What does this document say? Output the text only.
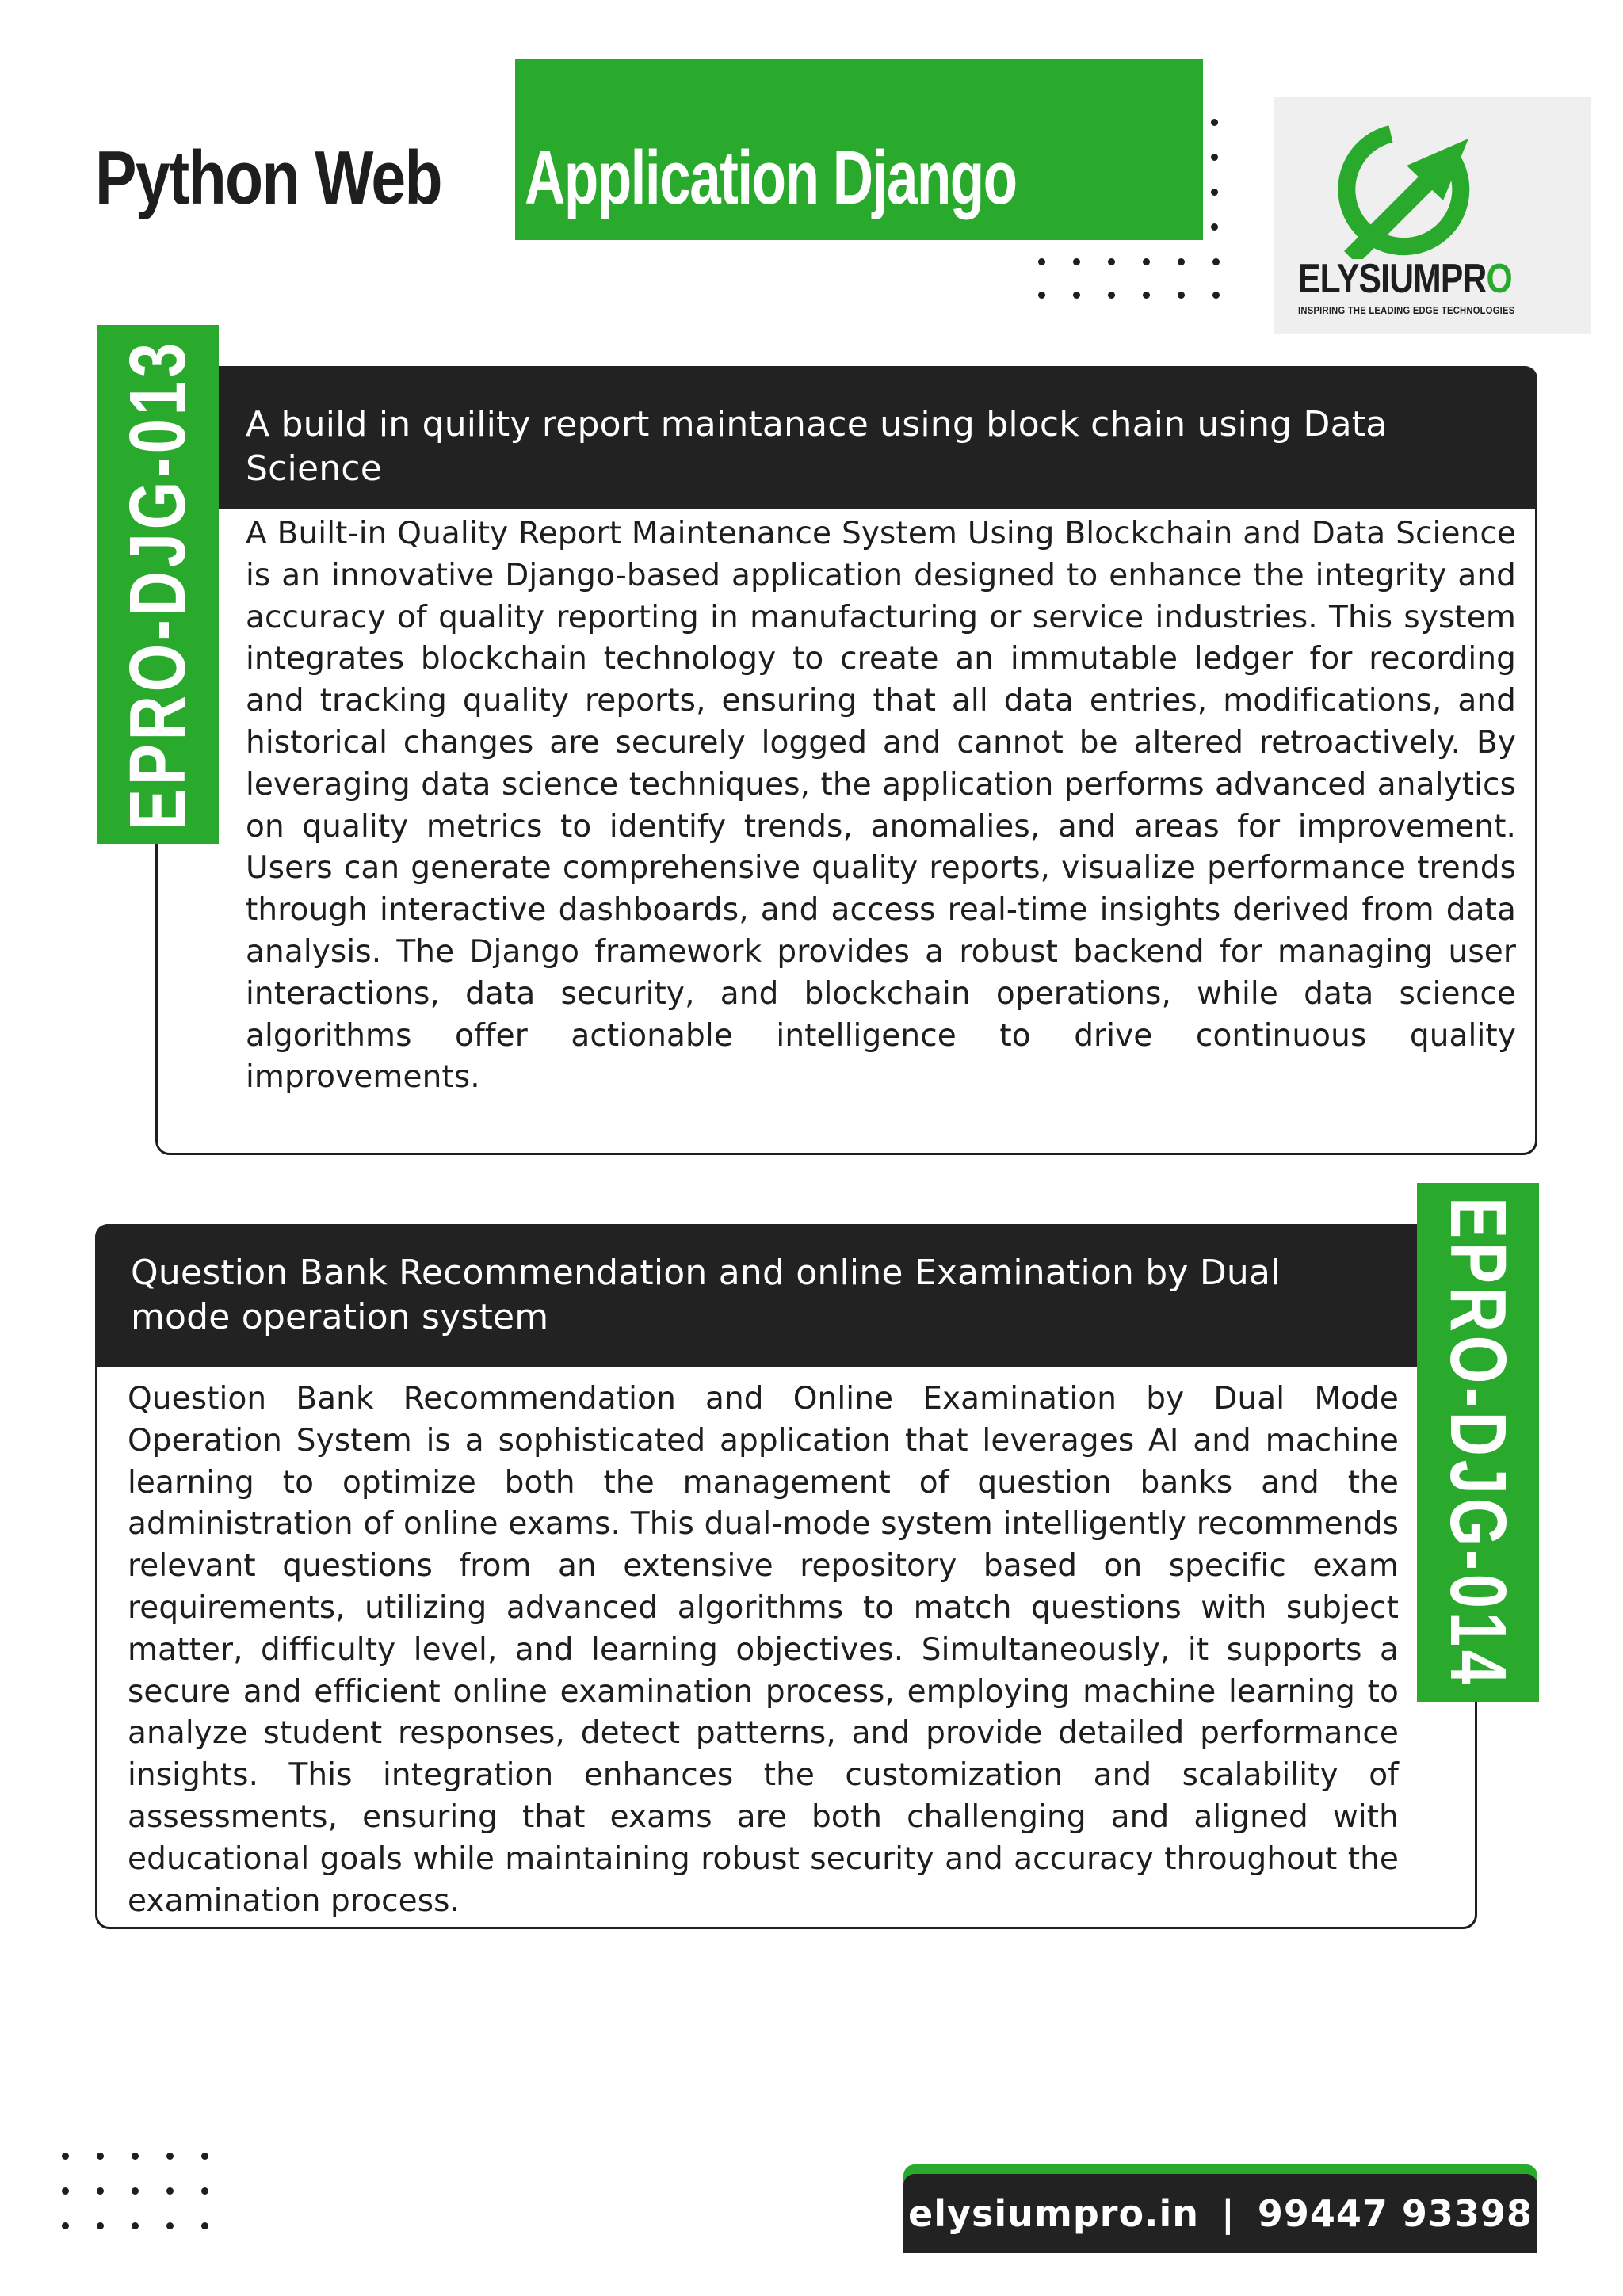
Python Web Application Django
ELYSIUMPRO
INSPIRING THE LEADING EDGE TECHNOLOGIES
A build in quility report maintanace using block chain using Data Science
A Built-in Quality Report Maintenance System Using Blockchain and Data Science is an innovative Django-based application designed to enhance the integrity and accuracy of quality reporting in manufacturing or service industries. This system integrates blockchain technology to create an immutable ledger for recording and tracking quality reports, ensuring that all data entries, modifications, and historical changes are securely logged and cannot be altered retroactively. By leveraging data science techniques, the application performs advanced analytics on quality metrics to identify trends, anomalies, and areas for improvement. Users can generate comprehensive quality reports, visualize performance trends through interactive dashboards, and access real-time insights derived from data analysis. The Django framework provides a robust backend for managing user interactions, data security, and blockchain operations, while data science algorithms offer actionable intelligence to drive continuous quality improvements.
EPRO-DJG-013
Question Bank Recommendation and online Examination by Dual mode operation system
Question Bank Recommendation and Online Examination by Dual Mode Operation System is a sophisticated application that leverages AI and machine learning to optimize both the management of question banks and the administration of online exams. This dual-mode system intelligently recommends relevant questions from an extensive repository based on specific exam requirements, utilizing advanced algorithms to match questions with subject matter, difficulty level, and learning objectives. Simultaneously, it supports a secure and efficient online examination process, employing machine learning to analyze student responses, detect patterns, and provide detailed performance insights. This integration enhances the customization and scalability of assessments, ensuring that exams are both challenging and aligned with educational goals while maintaining robust security and accuracy throughout the examination process.
EPRO-DJG-014
elysiumpro.in | 99447 93398
